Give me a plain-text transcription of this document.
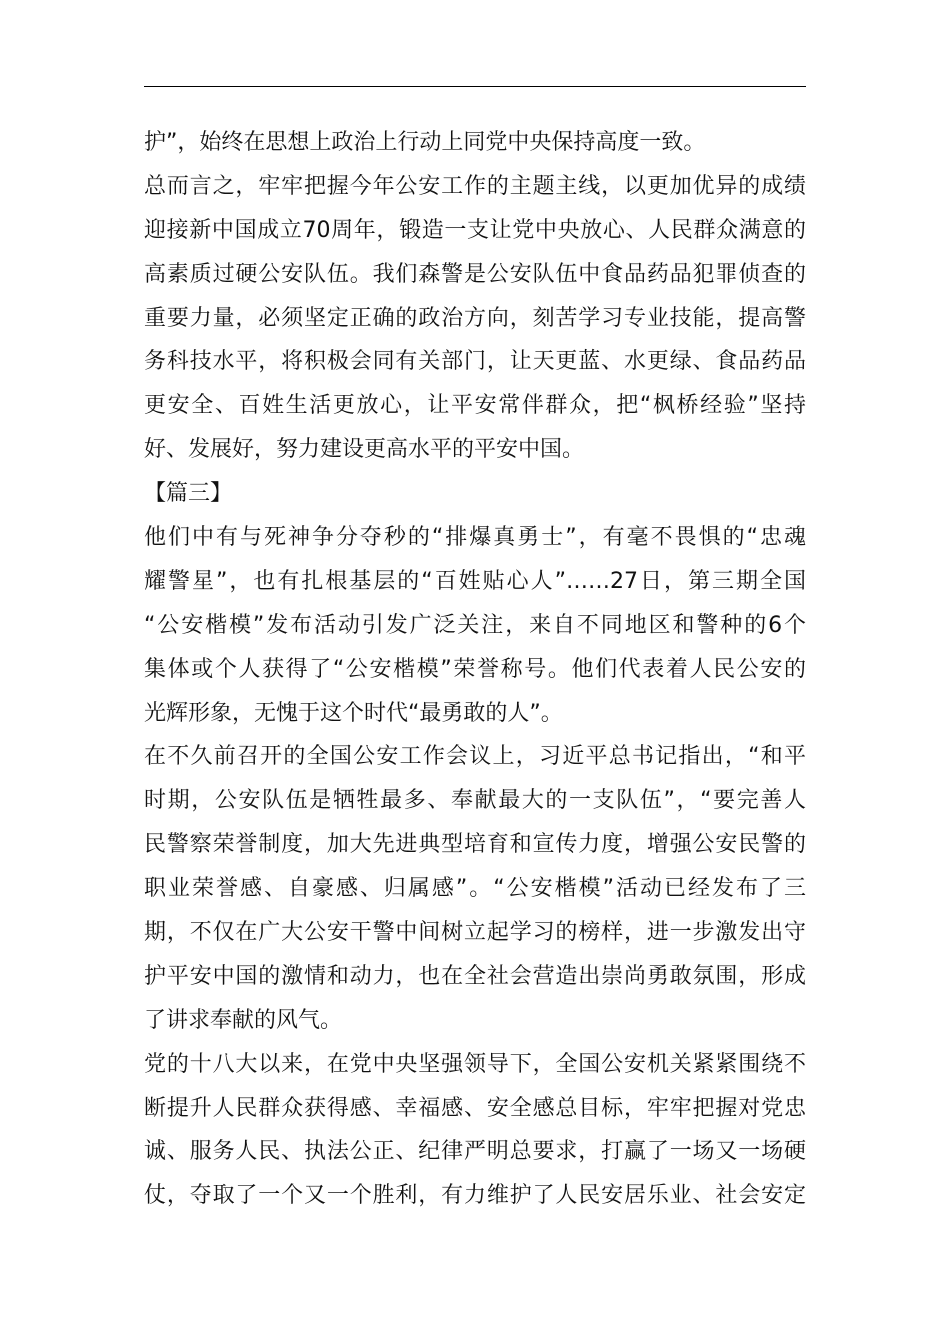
护”，始终在思想上政治上行动上同党中央保持高度一致。
总而言之，牢牢把握今年公安工作的主题主线，以更加优异的成绩
迎接新中国成立70周年，锻造一支让党中央放心、人民群众满意的
高素质过硬公安队伍。我们森警是公安队伍中食品药品犯罪侦查的
重要力量，必须坚定正确的政治方向，刻苦学习专业技能，提高警
务科技水平，将积极会同有关部门，让天更蓝、水更绿、食品药品
更安全、百姓生活更放心，让平安常伴群众，把“枫桥经验”坚持
好、发展好，努力建设更高水平的平安中国。
【篇三】
他们中有与死神争分夺秒的“排爆真勇士”，有毫不畏惧的“忠魂
耀警星”，也有扎根基层的“百姓贴心人”……27日，第三期全国
“公安楷模”发布活动引发广泛关注，来自不同地区和警种的6个
集体或个人获得了“公安楷模”荣誉称号。他们代表着人民公安的
光辉形象，无愧于这个时代“最勇敢的人”。
在不久前召开的全国公安工作会议上，习近平总书记指出，“和平
时期，公安队伍是牺牲最多、奉献最大的一支队伍”，“要完善人
民警察荣誉制度，加大先进典型培育和宣传力度，增强公安民警的
职业荣誉感、自豪感、归属感”。“公安楷模”活动已经发布了三
期，不仅在广大公安干警中间树立起学习的榜样，进一步激发出守
护平安中国的激情和动力，也在全社会营造出崇尚勇敢氛围，形成
了讲求奉献的风气。
党的十八大以来，在党中央坚强领导下，全国公安机关紧紧围绕不
断提升人民群众获得感、幸福感、安全感总目标，牢牢把握对党忠
诚、服务人民、执法公正、纪律严明总要求，打赢了一场又一场硬
仗，夺取了一个又一个胜利，有力维护了人民安居乐业、社会安定
